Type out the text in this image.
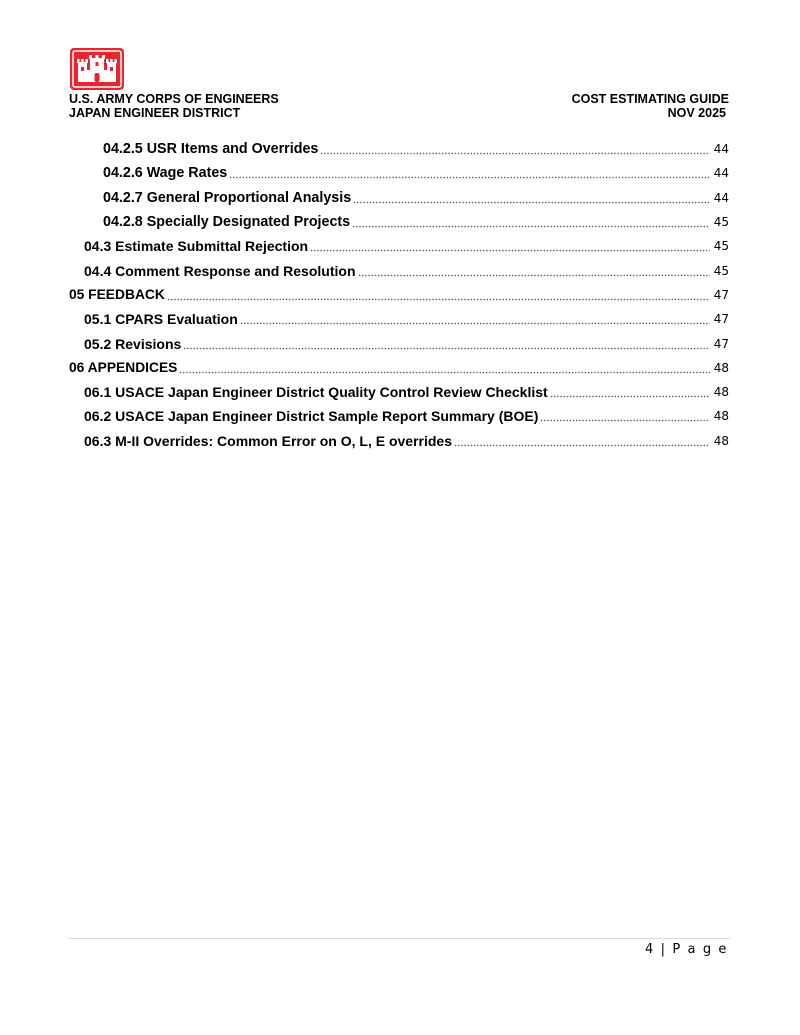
U.S. ARMY CORPS OF ENGINEERS
JAPAN ENGINEER DISTRICT
COST ESTIMATING GUIDE
NOV 2025
04.2.5 USR Items and Overrides	44
04.2.6 Wage Rates	44
04.2.7 General Proportional Analysis	44
04.2.8 Specially Designated Projects	45
04.3 Estimate Submittal Rejection	45
04.4 Comment Response and Resolution	45
05 FEEDBACK	47
05.1 CPARS Evaluation	47
05.2 Revisions	47
06 APPENDICES	48
06.1 USACE Japan Engineer District Quality Control Review Checklist	48
06.2 USACE Japan Engineer District Sample Report Summary (BOE)	48
06.3 M-II Overrides: Common Error on O, L, E overrides	48
4 | P a g e
